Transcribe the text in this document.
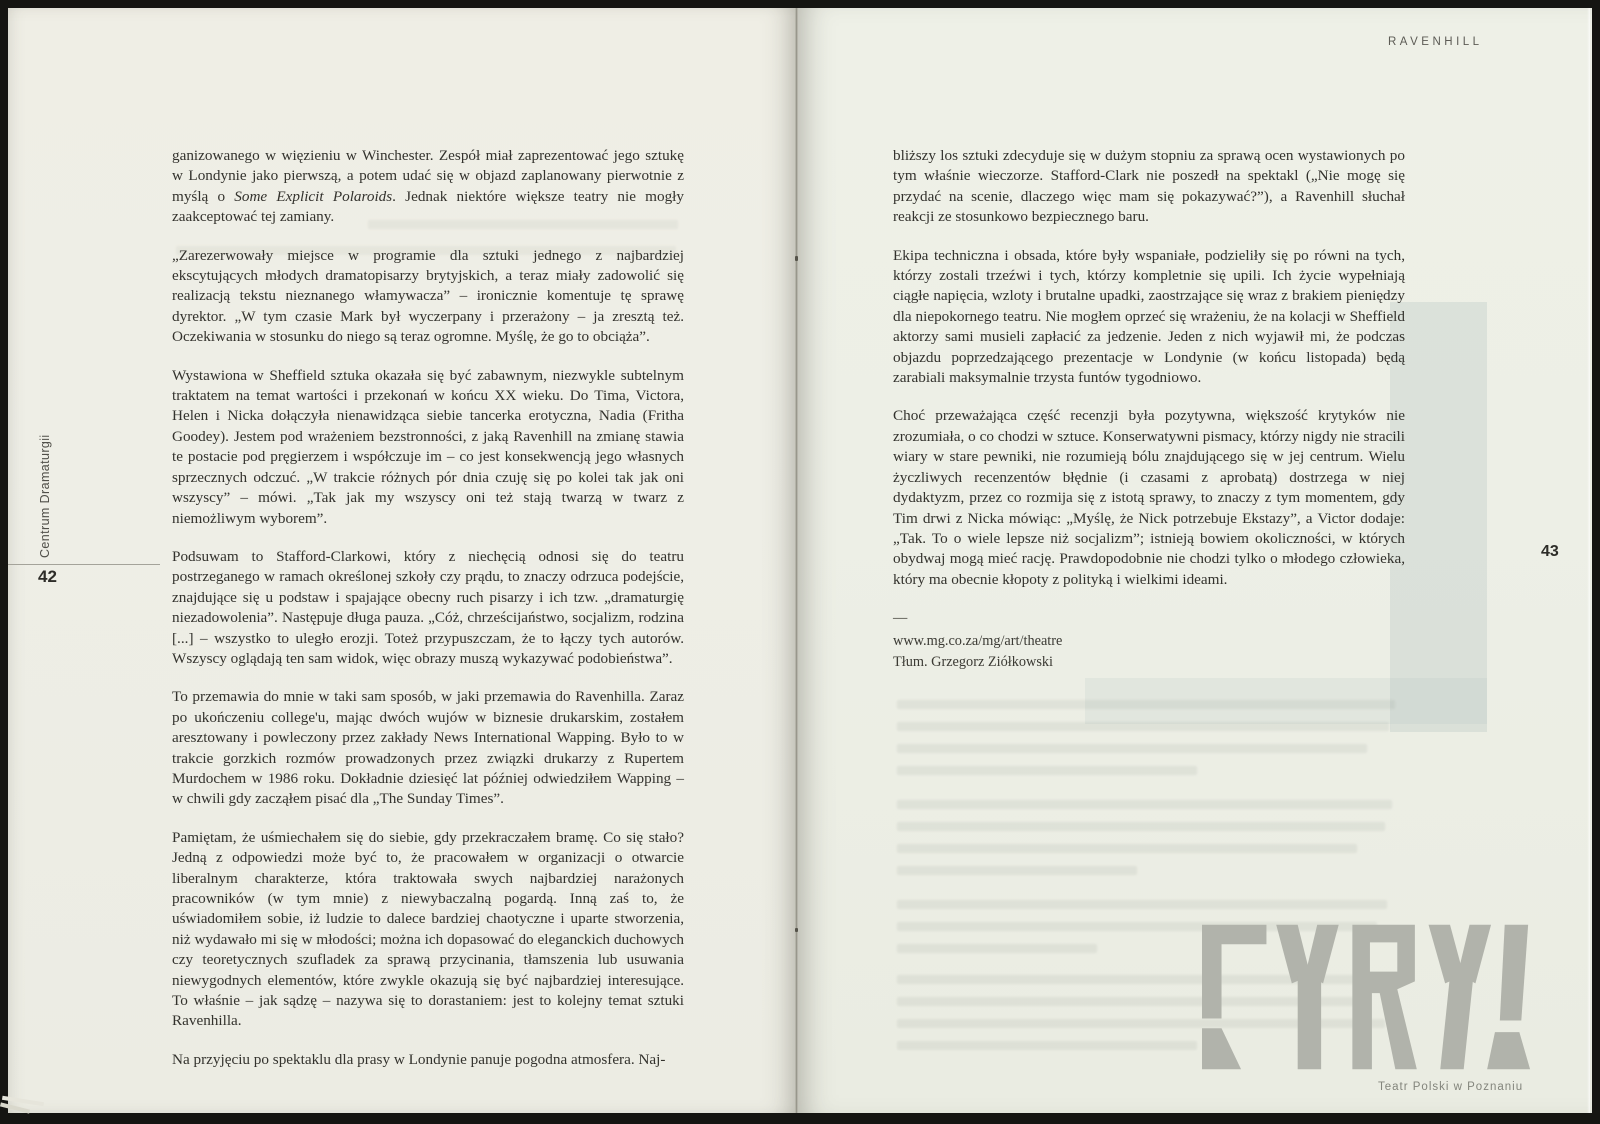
RAVENHILL
Centrum Dramaturgii
42
43

ganizowanego w więzieniu w Winchester. Zespół miał zaprezentować jego sztukę w Londynie jako pierwszą, a potem udać się w objazd zaplanowany pierwotnie z myślą o Some Explicit Polaroids. Jednak niektóre większe teatry nie mogły zaakceptować tej zamiany.

„Zarezerwowały miejsce w programie dla sztuki jednego z najbardziej ekscytujących młodych dramatopisarzy brytyjskich, a teraz miały zadowolić się realizacją tekstu nieznanego włamywacza” – ironicznie komentuje tę sprawę dyrektor. „W tym czasie Mark był wyczerpany i przerażony – ja zresztą też. Oczekiwania w stosunku do niego są teraz ogromne. Myślę, że go to obciąża”.

Wystawiona w Sheffield sztuka okazała się być zabawnym, niezwykle subtelnym traktatem na temat wartości i przekonań w końcu XX wieku. Do Tima, Victora, Helen i Nicka dołączyła nienawidząca siebie tancerka erotyczna, Nadia (Fritha Goodey). Jestem pod wrażeniem bezstronności, z jaką Ravenhill na zmianę stawia te postacie pod pręgierzem i współczuje im – co jest konsekwencją jego własnych sprzecznych odczuć. „W trakcie różnych pór dnia czuję się po kolei tak jak oni wszyscy” – mówi. „Tak jak my wszyscy oni też stają twarzą w twarz z niemożliwym wyborem”.

Podsuwam to Stafford-Clarkowi, który z niechęcią odnosi się do teatru postrzeganego w ramach określonej szkoły czy prądu, to znaczy odrzuca podejście, znajdujące się u podstaw i spajające obecny ruch pisarzy i ich tzw. „dramaturgię niezadowolenia”. Następuje długa pauza. „Cóż, chrześcijaństwo, socjalizm, rodzina [...] – wszystko to uległo erozji. Toteż przypuszczam, że to łączy tych autorów. Wszyscy oglądają ten sam widok, więc obrazy muszą wykazywać podobieństwa”.

To przemawia do mnie w taki sam sposób, w jaki przemawia do Ravenhilla. Zaraz po ukończeniu college'u, mając dwóch wujów w biznesie drukarskim, zostałem aresztowany i powleczony przez zakłady News International Wapping. Było to w trakcie gorzkich rozmów prowadzonych przez związki drukarzy z Rupertem Murdochem w 1986 roku. Dokładnie dziesięć lat później odwiedziłem Wapping – w chwili gdy zacząłem pisać dla „The Sunday Times”.

Pamiętam, że uśmiechałem się do siebie, gdy przekraczałem bramę. Co się stało? Jedną z odpowiedzi może być to, że pracowałem w organizacji o otwarcie liberalnym charakterze, która traktowała swych najbardziej narażonych pracowników (w tym mnie) z niewybaczalną pogardą. Inną zaś to, że uświadomiłem sobie, iż ludzie to dalece bardziej chaotyczne i uparte stworzenia, niż wydawało mi się w młodości; można ich dopasować do eleganckich duchowych czy teoretycznych szufladek za sprawą przycinania, tłamszenia lub usuwania niewygodnych elementów, które zwykle okazują się być najbardziej interesujące. To właśnie – jak sądzę – nazywa się to dorastaniem: jest to kolejny temat sztuki Ravenhilla.

Na przyjęciu po spektaklu dla prasy w Londynie panuje pogodna atmosfera. Naj-

bliższy los sztuki zdecyduje się w dużym stopniu za sprawą ocen wystawionych po tym właśnie wieczorze. Stafford-Clark nie poszedł na spektakl („Nie mogę się przydać na scenie, dlaczego więc mam się pokazywać?”), a Ravenhill słuchał reakcji ze stosunkowo bezpiecznego baru.

Ekipa techniczna i obsada, które były wspaniałe, podzieliły się po równi na tych, którzy zostali trzeźwi i tych, którzy kompletnie się upili. Ich życie wypełniają ciągłe napięcia, wzloty i brutalne upadki, zaostrzające się wraz z brakiem pieniędzy dla niepokornego teatru. Nie mogłem oprzeć się wrażeniu, że na kolacji w Sheffield aktorzy sami musieli zapłacić za jedzenie. Jeden z nich wyjawił mi, że podczas objazdu poprzedzającego prezentacje w Londynie (w końcu listopada) będą zarabiali maksymalnie trzysta funtów tygodniowo.

Choć przeważająca część recenzji była pozytywna, większość krytyków nie zrozumiała, o co chodzi w sztuce. Konserwatywni pismacy, którzy nigdy nie stracili wiary w stare pewniki, nie rozumieją bólu znajdującego się w jej centrum. Wielu życzliwych recenzentów błędnie (i czasami z aprobatą) dostrzega w niej dydaktyzm, przez co rozmija się z istotą sprawy, to znaczy z tym momentem, gdy Tim drwi z Nicka mówiąc: „Myślę, że Nick potrzebuje Ekstazy”, a Victor dodaje: „Tak. To o wiele lepsze niż socjalizm”; istnieją bowiem okoliczności, w których obydwaj mogą mieć rację. Prawdopodobnie nie chodzi tylko o młodego człowieka, który ma obecnie kłopoty z polityką i wielkimi ideami.

—
www.mg.co.za/mg/art/theatre
Tłum. Grzegorz Ziółkowski
Teatr Polski w Poznaniu
